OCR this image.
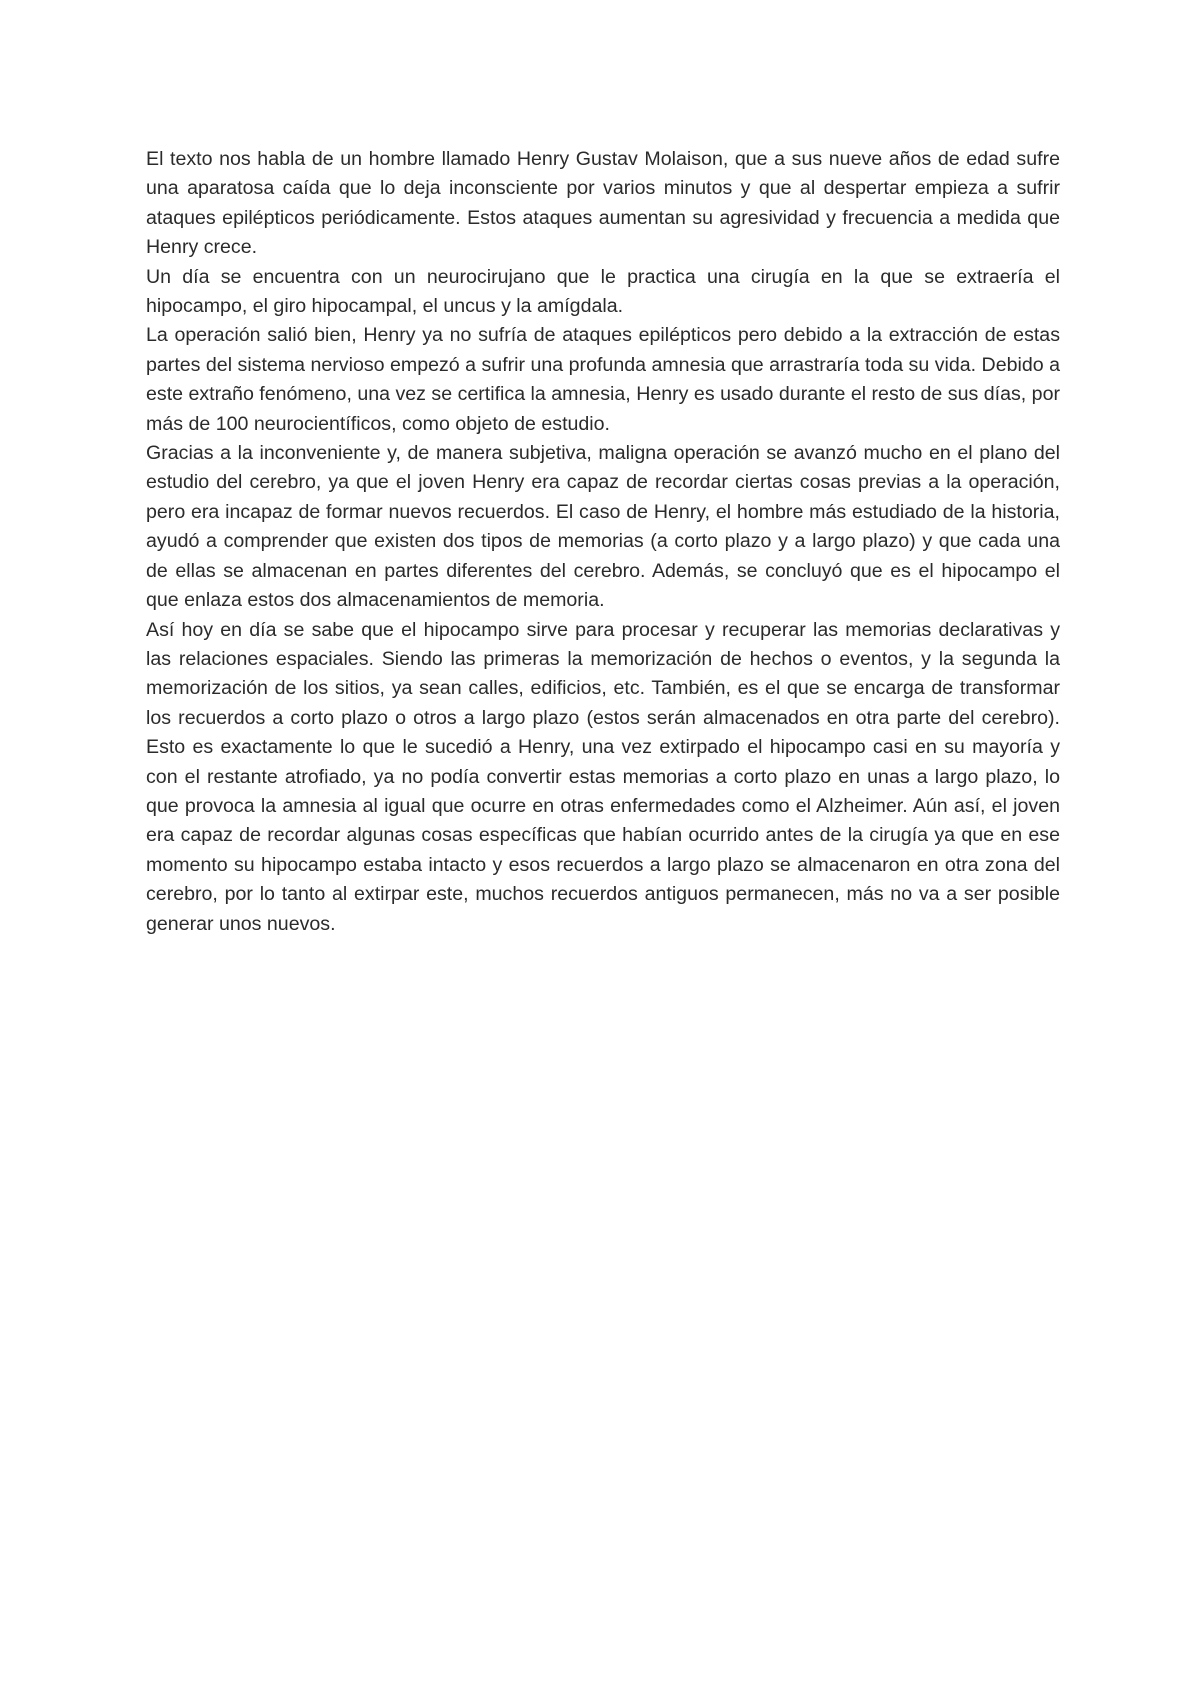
El texto nos habla de un hombre llamado Henry Gustav Molaison, que a sus nueve años de edad sufre una aparatosa caída que lo deja inconsciente por varios minutos y que al despertar empieza a sufrir ataques epilépticos periódicamente. Estos ataques aumentan su agresividad y frecuencia a medida que Henry crece.

Un día se encuentra con un neurocirujano que le practica una cirugía en la que se extraería el hipocampo, el giro hipocampal, el uncus y la amígdala.

La operación salió bien, Henry ya no sufría de ataques epilépticos pero debido a la extracción de estas partes del sistema nervioso empezó a sufrir una profunda amnesia que arrastraría toda su vida. Debido a este extraño fenómeno, una vez se certifica la amnesia, Henry es usado durante el resto de sus días, por más de 100 neurocientíficos, como objeto de estudio.

Gracias a la inconveniente y, de manera subjetiva, maligna operación se avanzó mucho en el plano del estudio del cerebro, ya que el joven Henry era capaz de recordar ciertas cosas previas a la operación, pero era incapaz de formar nuevos recuerdos. El caso de Henry, el hombre más estudiado de la historia, ayudó a comprender que existen dos tipos de memorias (a corto plazo y a largo plazo) y que cada una de ellas se almacenan en partes diferentes del cerebro. Además, se concluyó que es el hipocampo el que enlaza estos dos almacenamientos de memoria.

Así hoy en día se sabe que el hipocampo sirve para procesar y recuperar las memorias declarativas y las relaciones espaciales. Siendo las primeras la memorización de hechos o eventos, y la segunda la memorización de los sitios, ya sean calles, edificios, etc. También, es el que se encarga de transformar los recuerdos a corto plazo o otros a largo plazo (estos serán almacenados en otra parte del cerebro). Esto es exactamente lo que le sucedió a Henry, una vez extirpado el hipocampo casi en su mayoría y con el restante atrofiado, ya no podía convertir estas memorias a corto plazo en unas a largo plazo, lo que provoca la amnesia al igual que ocurre en otras enfermedades como el Alzheimer. Aún así, el joven era capaz de recordar algunas cosas específicas que habían ocurrido antes de la cirugía ya que en ese momento su hipocampo estaba intacto y esos recuerdos a largo plazo se almacenaron en otra zona del cerebro, por lo tanto al extirpar este, muchos recuerdos antiguos permanecen, más no va a ser posible generar unos nuevos.
